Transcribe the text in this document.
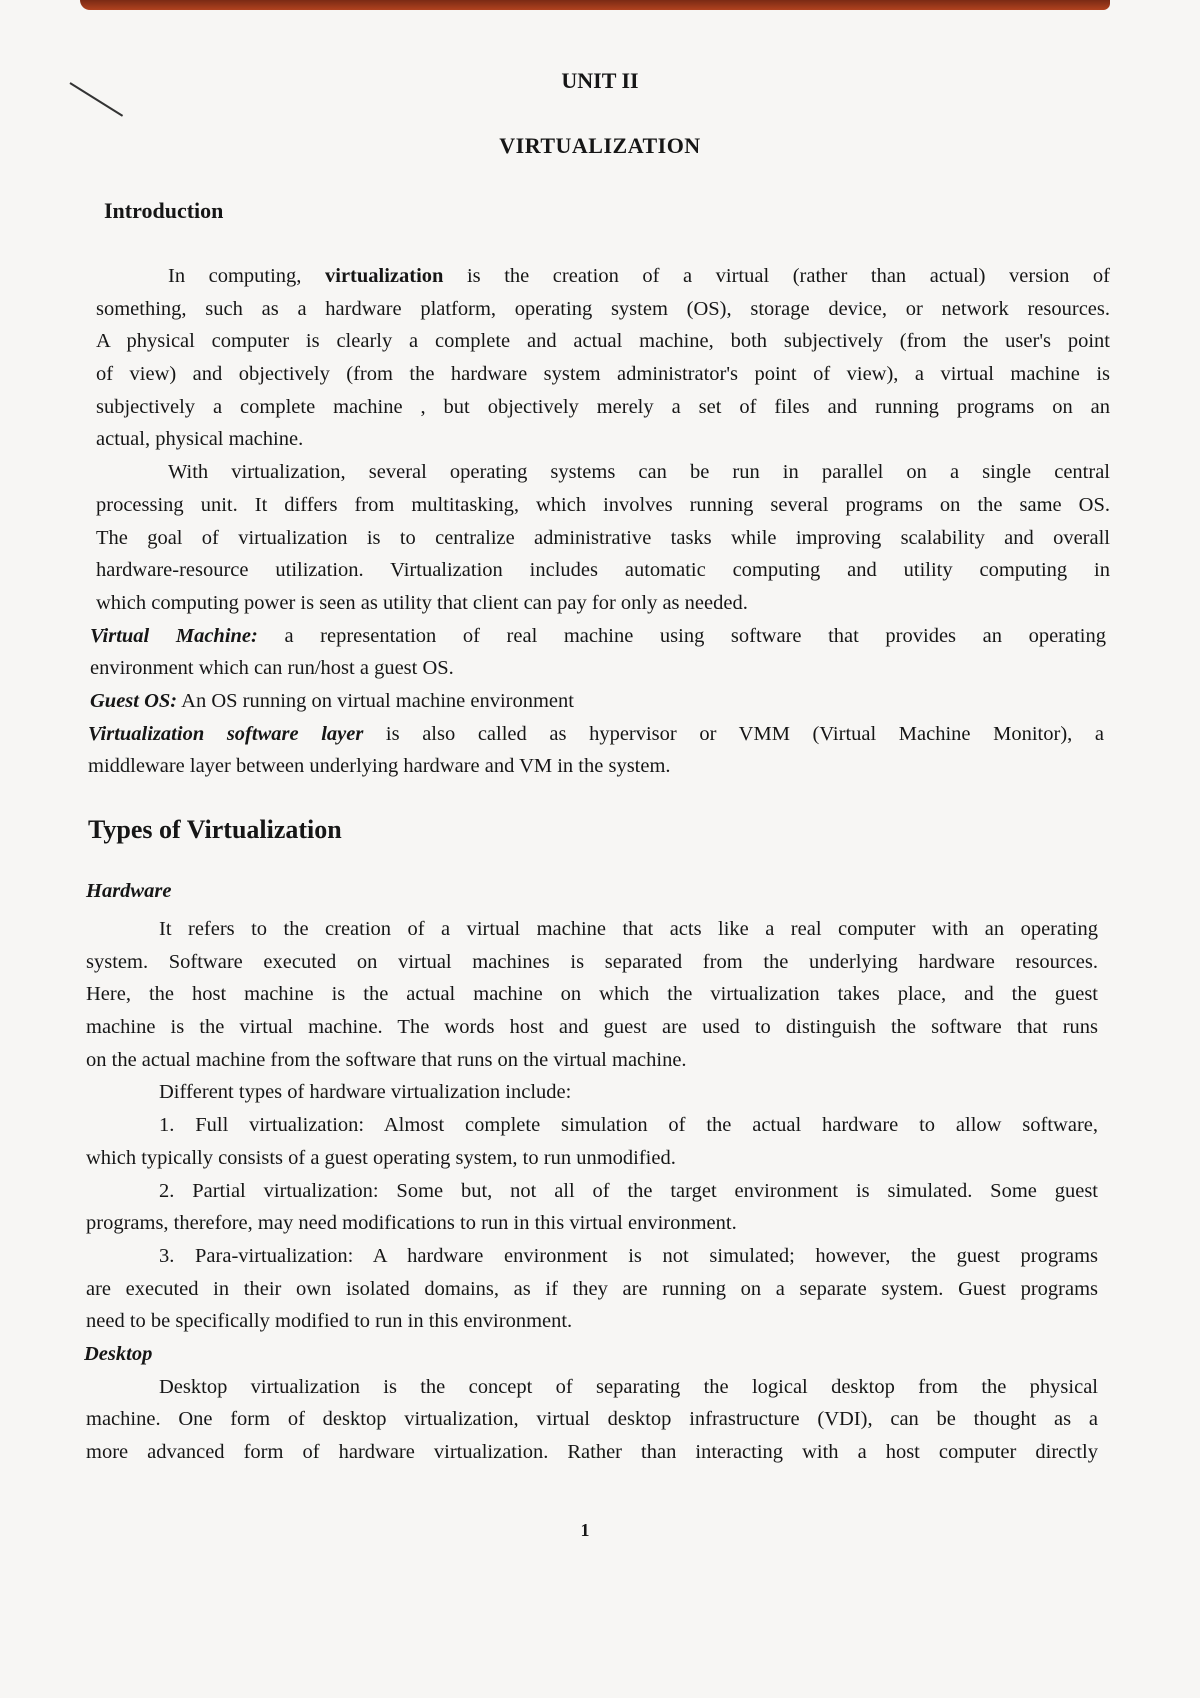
UNIT II
VIRTUALIZATION
Introduction
In computing, virtualization is the creation of a virtual (rather than actual) version of
something, such as a hardware platform, operating system (OS), storage device, or network resources.
A physical computer is clearly a complete and actual machine, both subjectively (from the user's point
of view) and objectively (from the hardware system administrator's point of view), a virtual machine is
subjectively a complete machine , but objectively merely a set of files and running programs on an
actual, physical machine.
With virtualization, several operating systems can be run in parallel on a single central
processing unit. It differs from multitasking, which involves running several programs on the same OS.
The goal of virtualization is to centralize administrative tasks while improving scalability and overall
hardware-resource utilization. Virtualization includes automatic computing and utility computing in
which computing power is seen as utility that client can pay for only as needed.
Virtual Machine: a representation of real machine using software that provides an operating
environment which can run/host a guest OS.
Guest OS: An OS running on virtual machine environment
Virtualization software layer is also called as hypervisor or VMM (Virtual Machine Monitor), a
middleware layer between underlying hardware and VM in the system.
Types of Virtualization
Hardware
It refers to the creation of a virtual machine that acts like a real computer with an operating
system. Software executed on virtual machines is separated from the underlying hardware resources.
Here, the host machine is the actual machine on which the virtualization takes place, and the guest
machine is the virtual machine. The words host and guest are used to distinguish the software that runs
on the actual machine from the software that runs on the virtual machine.
Different types of hardware virtualization include:
1. Full virtualization: Almost complete simulation of the actual hardware to allow software,
which typically consists of a guest operating system, to run unmodified.
2. Partial virtualization: Some but, not all of the target environment is simulated. Some guest
programs, therefore, may need modifications to run in this virtual environment.
3. Para-virtualization: A hardware environment is not simulated; however, the guest programs
are executed in their own isolated domains, as if they are running on a separate system. Guest programs
need to be specifically modified to run in this environment.
Desktop
Desktop virtualization is the concept of separating the logical desktop from the physical
machine. One form of desktop virtualization, virtual desktop infrastructure (VDI), can be thought as a
more advanced form of hardware virtualization. Rather than interacting with a host computer directly
1
